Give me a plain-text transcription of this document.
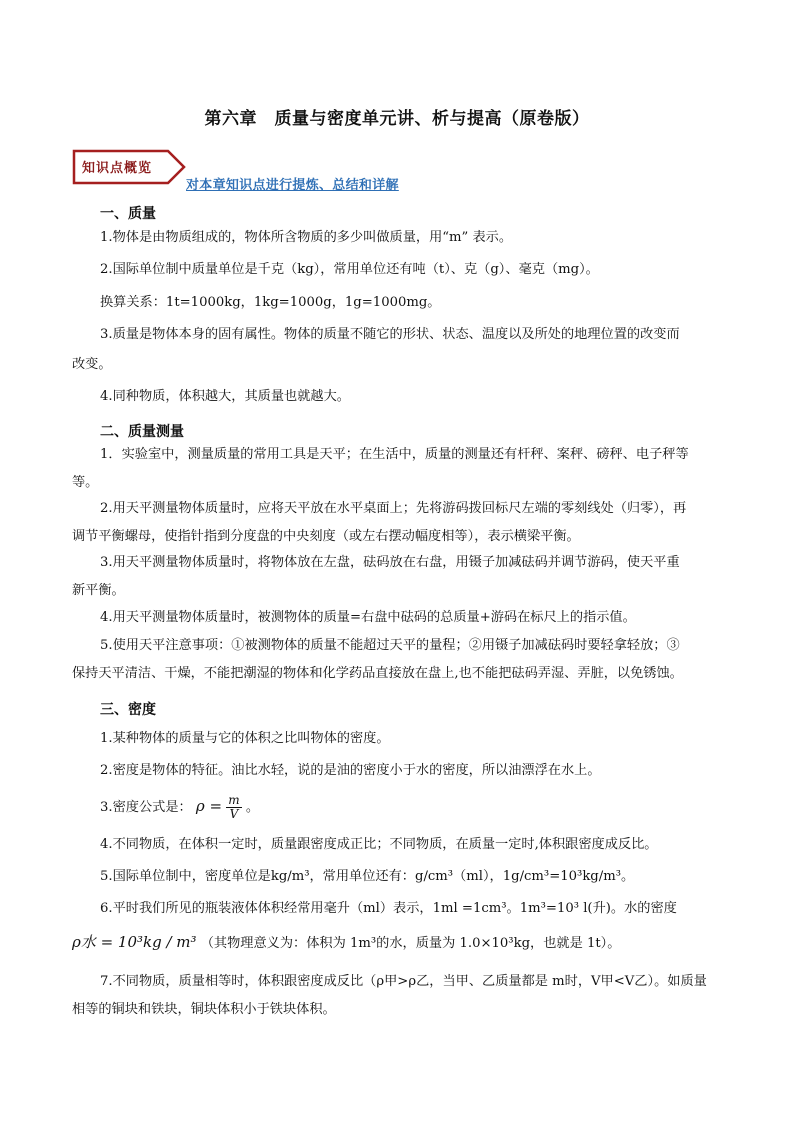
第六章　质量与密度单元讲、析与提高（原卷版）
知识点概览
对本章知识点进行提炼、总结和详解
一、质量
1.物体是由物质组成的，物体所含物质的多少叫做质量，用“m” 表示。
2.国际单位制中质量单位是千克（kg），常用单位还有吨（t）、克（g）、毫克（mg）。
换算关系：1t=1000kg，1kg=1000g，1g=1000mg。
3.质量是物体本身的固有属性。物体的质量不随它的形状、状态、温度以及所处的地理位置的改变而
改变。
4.同种物质，体积越大，其质量也就越大。
二、质量测量
1．实验室中，测量质量的常用工具是天平；在生活中，质量的测量还有杆秤、案秤、磅秤、电子秤等
等。
2.用天平测量物体质量时，应将天平放在水平桌面上；先将游码拨回标尺左端的零刻线处（归零），再
调节平衡螺母，使指针指到分度盘的中央刻度（或左右摆动幅度相等），表示横梁平衡。
3.用天平测量物体质量时，将物体放在左盘，砝码放在右盘，用镊子加减砝码并调节游码，使天平重
新平衡。
4.用天平测量物体质量时，被测物体的质量=右盘中砝码的总质量+游码在标尺上的指示值。
5.使用天平注意事项：①被测物体的质量不能超过天平的量程；②用镊子加减砝码时要轻拿轻放；③
保持天平清洁、干燥，不能把潮湿的物体和化学药品直接放在盘上,也不能把砝码弄湿、弄脏，以免锈蚀。
三、密度
1.某种物体的质量与它的体积之比叫物体的密度。
2.密度是物体的特征。油比水轻，说的是油的密度小于水的密度，所以油漂浮在水上。
3.密度公式是： $\rho = \frac{m}{V}$ 。
4.不同物质，在体积一定时，质量跟密度成正比；不同物质，在质量一定时,体积跟密度成反比。
5.国际单位制中，密度单位是kg/m³，常用单位还有：g/cm³（ml），1g/cm³=10³kg/m³。
6.平时我们所见的瓶装液体体积经常用毫升（ml）表示，1ml =1cm³。1m³=10³ l(升)。水的密度
ρ水 = 10³kg / m³ （其物理意义为：体积为 1m³的水，质量为 1.0×10³kg，也就是 1t）。
7.不同物质，质量相等时，体积跟密度成反比（ρ甲>ρ乙，当甲、乙质量都是 m时，V甲<V乙）。如质量
相等的铜块和铁块，铜块体积小于铁块体积。
